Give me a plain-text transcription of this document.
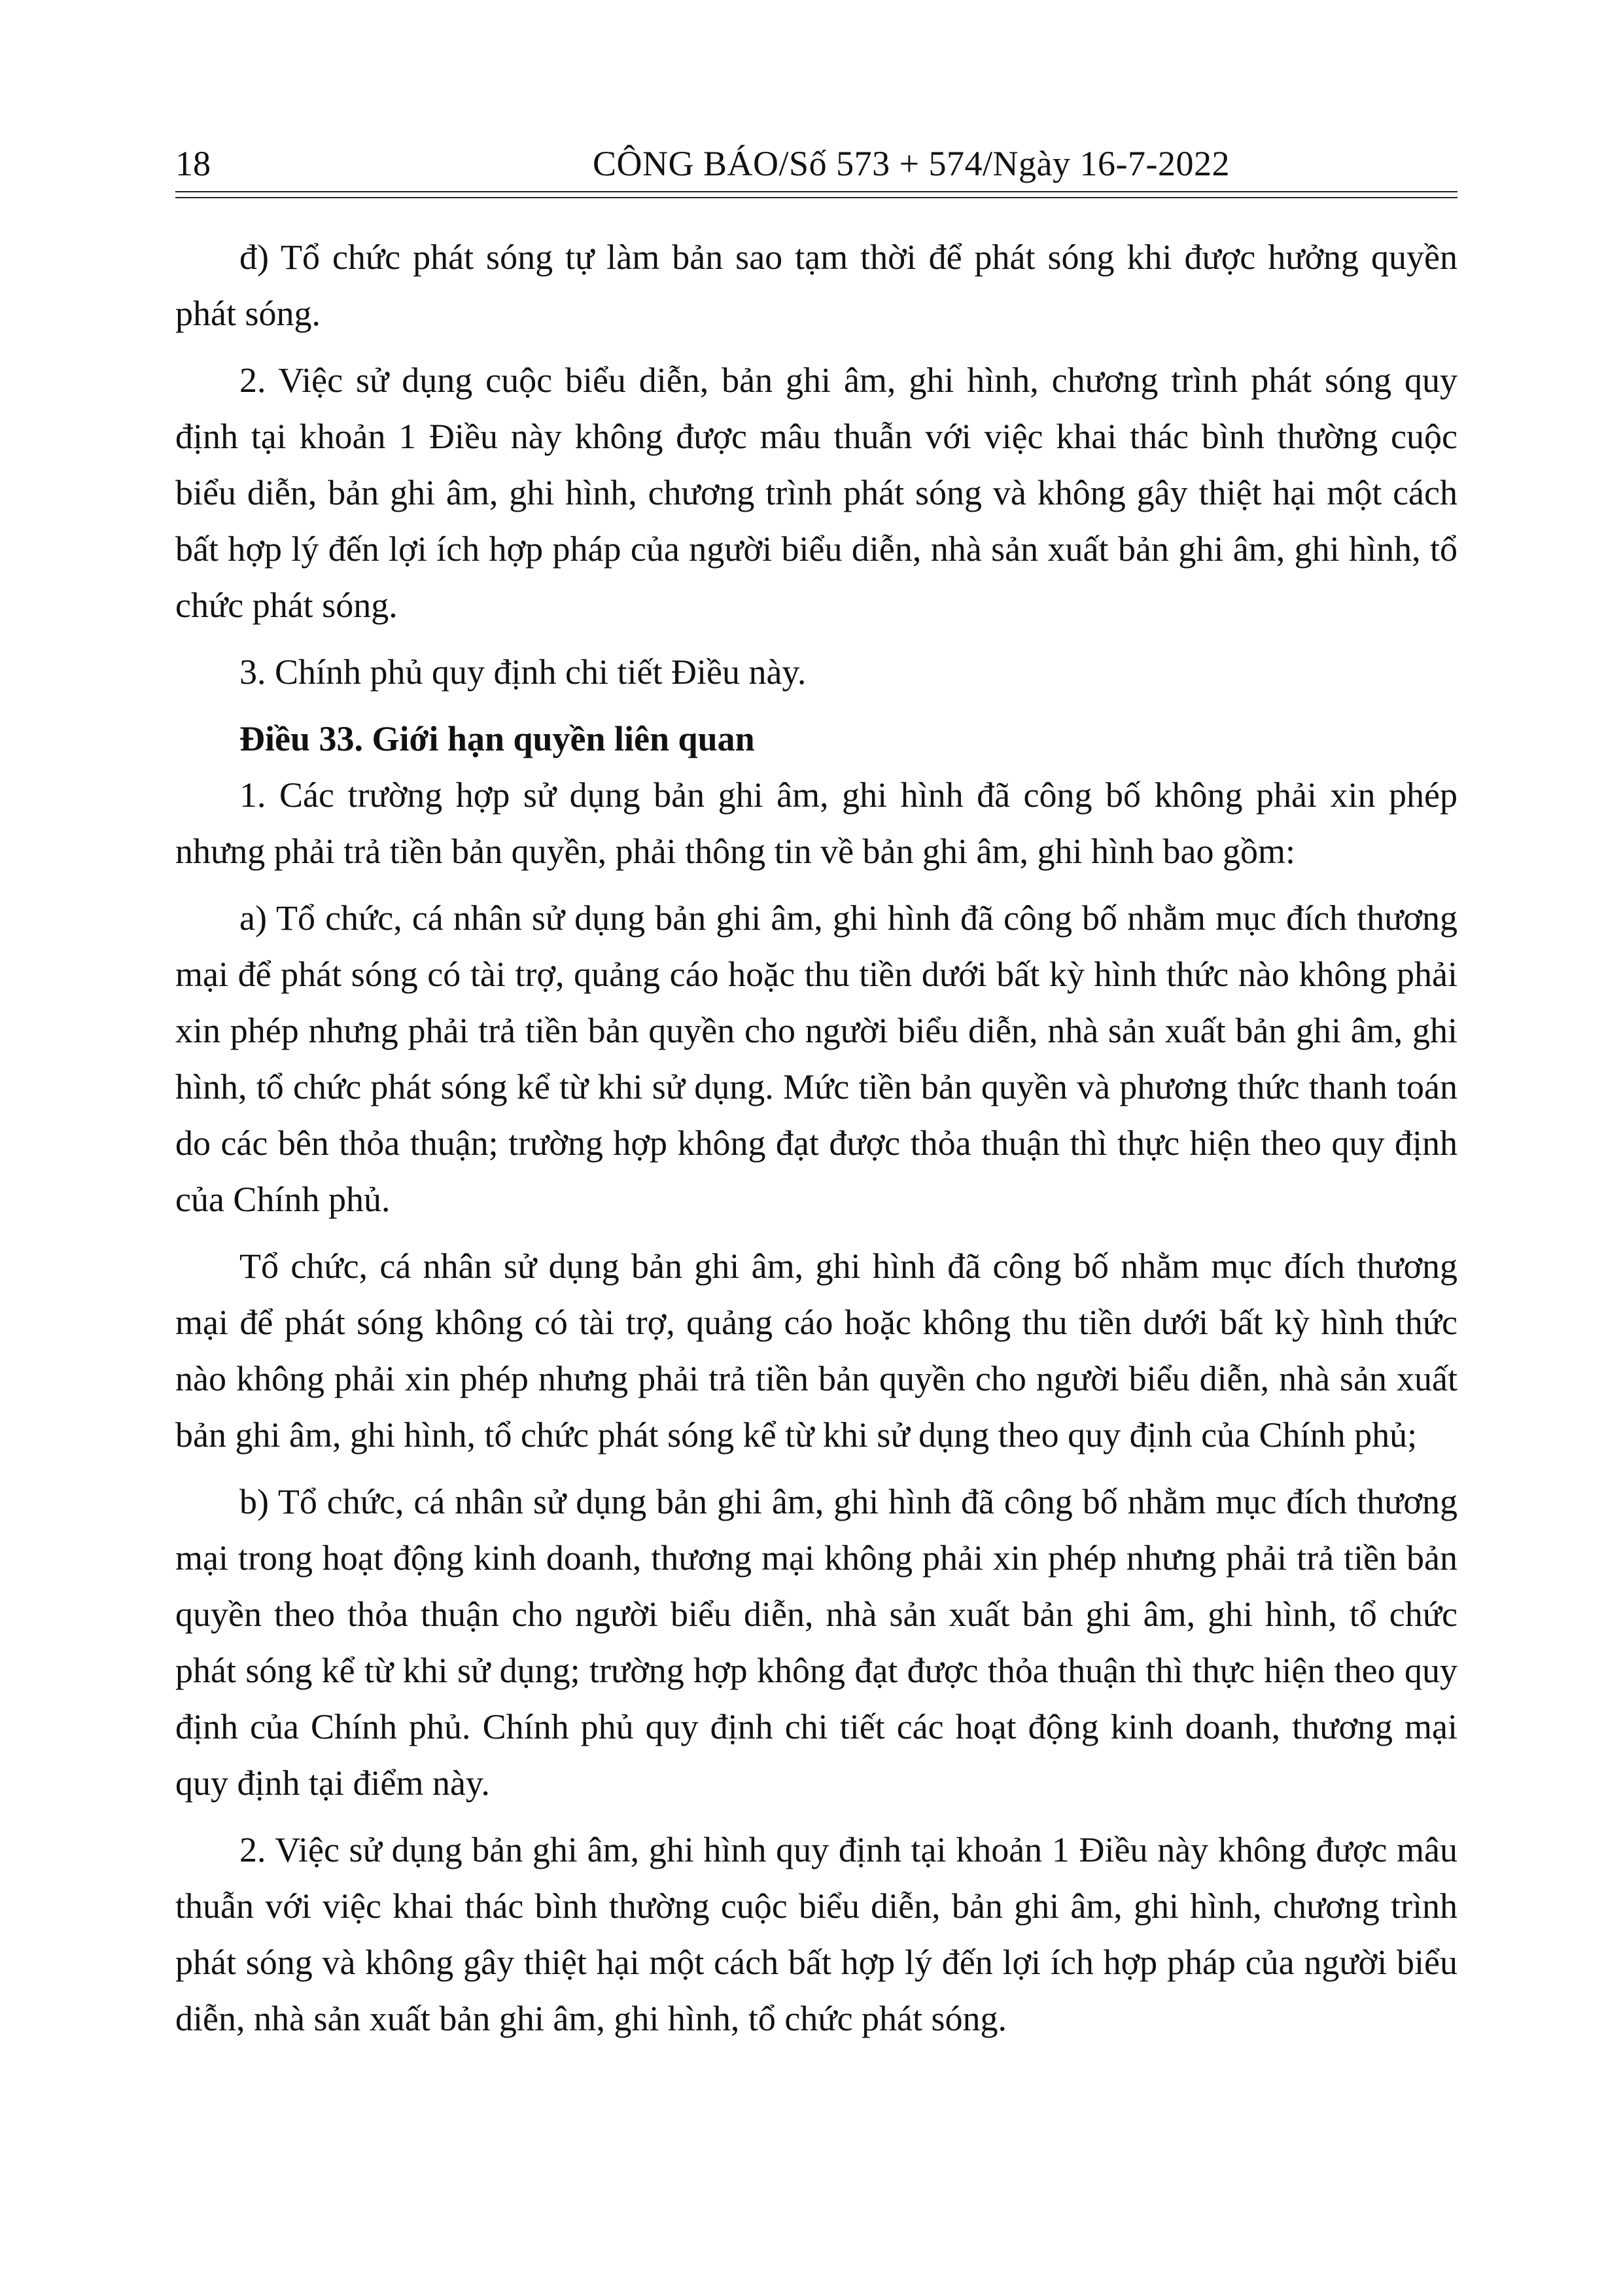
18	CÔNG BÁO/Số 573 + 574/Ngày 16-7-2022

đ) Tổ chức phát sóng tự làm bản sao tạm thời để phát sóng khi được hưởng quyền phát sóng.

2. Việc sử dụng cuộc biểu diễn, bản ghi âm, ghi hình, chương trình phát sóng quy định tại khoản 1 Điều này không được mâu thuẫn với việc khai thác bình thường cuộc biểu diễn, bản ghi âm, ghi hình, chương trình phát sóng và không gây thiệt hại một cách bất hợp lý đến lợi ích hợp pháp của người biểu diễn, nhà sản xuất bản ghi âm, ghi hình, tổ chức phát sóng.

3. Chính phủ quy định chi tiết Điều này.

Điều 33. Giới hạn quyền liên quan

1. Các trường hợp sử dụng bản ghi âm, ghi hình đã công bố không phải xin phép nhưng phải trả tiền bản quyền, phải thông tin về bản ghi âm, ghi hình bao gồm:

a) Tổ chức, cá nhân sử dụng bản ghi âm, ghi hình đã công bố nhằm mục đích thương mại để phát sóng có tài trợ, quảng cáo hoặc thu tiền dưới bất kỳ hình thức nào không phải xin phép nhưng phải trả tiền bản quyền cho người biểu diễn, nhà sản xuất bản ghi âm, ghi hình, tổ chức phát sóng kể từ khi sử dụng. Mức tiền bản quyền và phương thức thanh toán do các bên thỏa thuận; trường hợp không đạt được thỏa thuận thì thực hiện theo quy định của Chính phủ.

Tổ chức, cá nhân sử dụng bản ghi âm, ghi hình đã công bố nhằm mục đích thương mại để phát sóng không có tài trợ, quảng cáo hoặc không thu tiền dưới bất kỳ hình thức nào không phải xin phép nhưng phải trả tiền bản quyền cho người biểu diễn, nhà sản xuất bản ghi âm, ghi hình, tổ chức phát sóng kể từ khi sử dụng theo quy định của Chính phủ;

b) Tổ chức, cá nhân sử dụng bản ghi âm, ghi hình đã công bố nhằm mục đích thương mại trong hoạt động kinh doanh, thương mại không phải xin phép nhưng phải trả tiền bản quyền theo thỏa thuận cho người biểu diễn, nhà sản xuất bản ghi âm, ghi hình, tổ chức phát sóng kể từ khi sử dụng; trường hợp không đạt được thỏa thuận thì thực hiện theo quy định của Chính phủ. Chính phủ quy định chi tiết các hoạt động kinh doanh, thương mại quy định tại điểm này.

2. Việc sử dụng bản ghi âm, ghi hình quy định tại khoản 1 Điều này không được mâu thuẫn với việc khai thác bình thường cuộc biểu diễn, bản ghi âm, ghi hình, chương trình phát sóng và không gây thiệt hại một cách bất hợp lý đến lợi ích hợp pháp của người biểu diễn, nhà sản xuất bản ghi âm, ghi hình, tổ chức phát sóng.
